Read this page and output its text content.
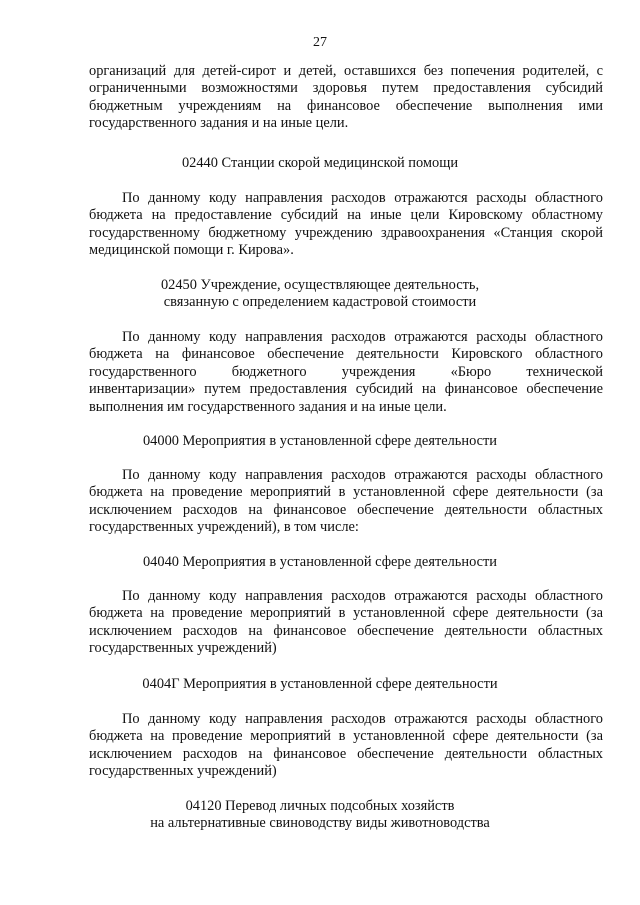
27
организаций для детей-сирот и детей, оставшихся без попечения родителей, с
ограниченными возможностями здоровья путем предоставления субсидий
бюджетным учреждениям на финансовое обеспечение выполнения ими
государственного задания и на иные цели.
02440 Станции скорой медицинской помощи
По данному коду направления расходов отражаются расходы областного
бюджета на предоставление субсидий на иные цели Кировскому областному
государственному бюджетному учреждению здравоохранения «Станция скорой
медицинской помощи г. Кирова».
02450 Учреждение, осуществляющее деятельность,
связанную с определением кадастровой стоимости
По данному коду направления расходов отражаются расходы областного
бюджета на финансовое обеспечение деятельности Кировского областного
государственного бюджетного учреждения «Бюро технической
инвентаризации» путем предоставления субсидий на финансовое обеспечение
выполнения им государственного задания и на иные цели.
04000 Мероприятия в установленной сфере деятельности
По данному коду направления расходов отражаются расходы областного
бюджета на проведение мероприятий в установленной сфере деятельности (за
исключением расходов на финансовое обеспечение деятельности областных
государственных учреждений), в том числе:
04040 Мероприятия в установленной сфере деятельности
По данному коду направления расходов отражаются расходы областного
бюджета на проведение мероприятий в установленной сфере деятельности (за
исключением расходов на финансовое обеспечение деятельности областных
государственных учреждений)
0404Г Мероприятия в установленной сфере деятельности
По данному коду направления расходов отражаются расходы областного
бюджета на проведение мероприятий в установленной сфере деятельности (за
исключением расходов на финансовое обеспечение деятельности областных
государственных учреждений)
04120 Перевод личных подсобных хозяйств
на альтернативные свиноводству виды животноводства
